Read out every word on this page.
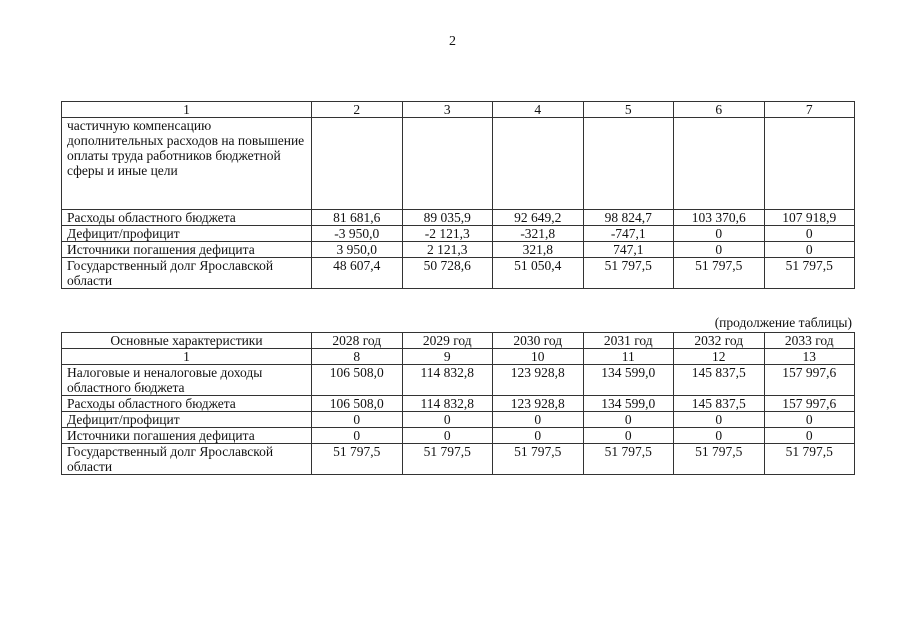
2
1	2	3	4	5	6	7
частичную компенсацию дополнительных расходов на повышение оплаты труда работников бюджетной сферы и иные цели						
Расходы областного бюджета	81 681,6	89 035,9	92 649,2	98 824,7	103 370,6	107 918,9
Дефицит/профицит	-3 950,0	-2 121,3	-321,8	-747,1	0	0
Источники погашения дефицита	3 950,0	2 121,3	321,8	747,1	0	0
Государственный долг Ярославской области	48 607,4	50 728,6	51 050,4	51 797,5	51 797,5	51 797,5
(продолжение таблицы)
Основные характеристики	2028 год	2029 год	2030 год	2031 год	2032 год	2033 год
1	8	9	10	11	12	13
Налоговые и неналоговые доходы областного бюджета	106 508,0	114 832,8	123 928,8	134 599,0	145 837,5	157 997,6
Расходы областного бюджета	106 508,0	114 832,8	123 928,8	134 599,0	145 837,5	157 997,6
Дефицит/профицит	0	0	0	0	0	0
Источники погашения дефицита	0	0	0	0	0	0
Государственный долг Ярославской области	51 797,5	51 797,5	51 797,5	51 797,5	51 797,5	51 797,5
